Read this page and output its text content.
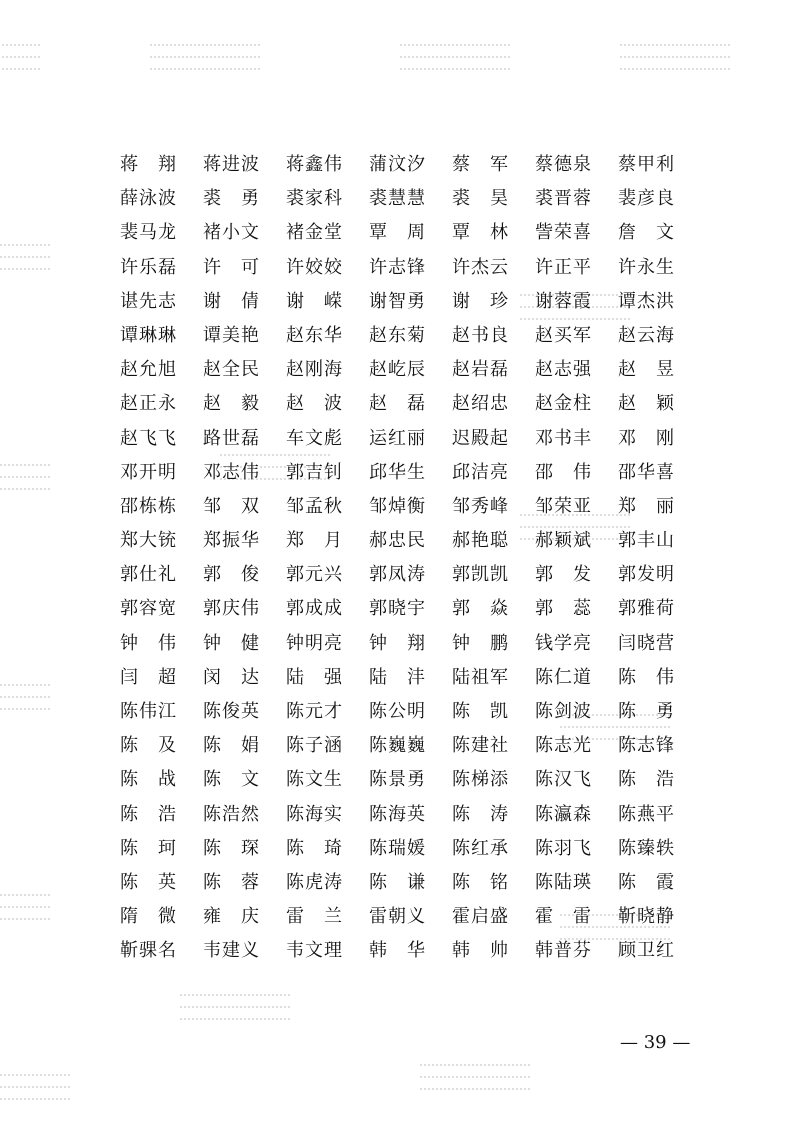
蒋　翔 蒋进波 蒋鑫伟 蒲汶汐 蔡　军 蔡德泉 蔡甲利
薛泳波 裘　勇 裘家科 裘慧慧 裘　昊 裘晋蓉 裴彦良
裴马龙 褚小文 褚金堂 覃　周 覃　林 訾荣喜 詹　文
许乐磊 许　可 许姣姣 许志锋 许杰云 许正平 许永生
谌先志 谢　倩 谢　嵘 谢智勇 谢　珍 谢蓉霞 谭杰洪
谭琳琳 谭美艳 赵东华 赵东菊 赵书良 赵买军 赵云海
赵允旭 赵全民 赵刚海 赵屹辰 赵岩磊 赵志强 赵　昱
赵正永 赵　毅 赵　波 赵　磊 赵绍忠 赵金柱 赵　颖
赵飞飞 路世磊 车文彪 运红丽 迟殿起 邓书丰 邓　刚
邓开明 邓志伟 郭吉钊 邱华生 邱洁亮 邵　伟 邵华喜
邵栋栋 邹　双 邹孟秋 邹焯衡 邹秀峰 邹荣亚 郑　丽
郑大铳 郑振华 郑　月 郝忠民 郝艳聪 郝颖斌 郭丰山
郭仕礼 郭　俊 郭元兴 郭凤涛 郭凯凯 郭　发 郭发明
郭容宽 郭庆伟 郭成成 郭晓宇 郭　焱 郭　蕊 郭雅荷
钟　伟 钟　健 钟明亮 钟　翔 钟　鹏 钱学亮 闫晓营
闫　超 闵　达 陆　强 陆　沣 陆祖军 陈仁道 陈　伟
陈伟江 陈俊英 陈元才 陈公明 陈　凯 陈剑波 陈　勇
陈　及 陈　娟 陈子涵 陈巍巍 陈建社 陈志光 陈志锋
陈　战 陈　文 陈文生 陈景勇 陈梯添 陈汉飞 陈　浩
陈　浩 陈浩然 陈海实 陈海英 陈　涛 陈瀛森 陈燕平
陈　珂 陈　琛 陈　琦 陈瑞媛 陈红承 陈羽飞 陈臻轶
陈　英 陈　蓉 陈虎涛 陈　谦 陈　铭 陈陆瑛 陈　霞
隋　微 雍　庆 雷　兰 雷朝义 霍启盛 霍　雷 靳晓静
靳骒名 韦建义 韦文理 韩　华 韩　帅 韩普芬 顾卫红
— 39 —
